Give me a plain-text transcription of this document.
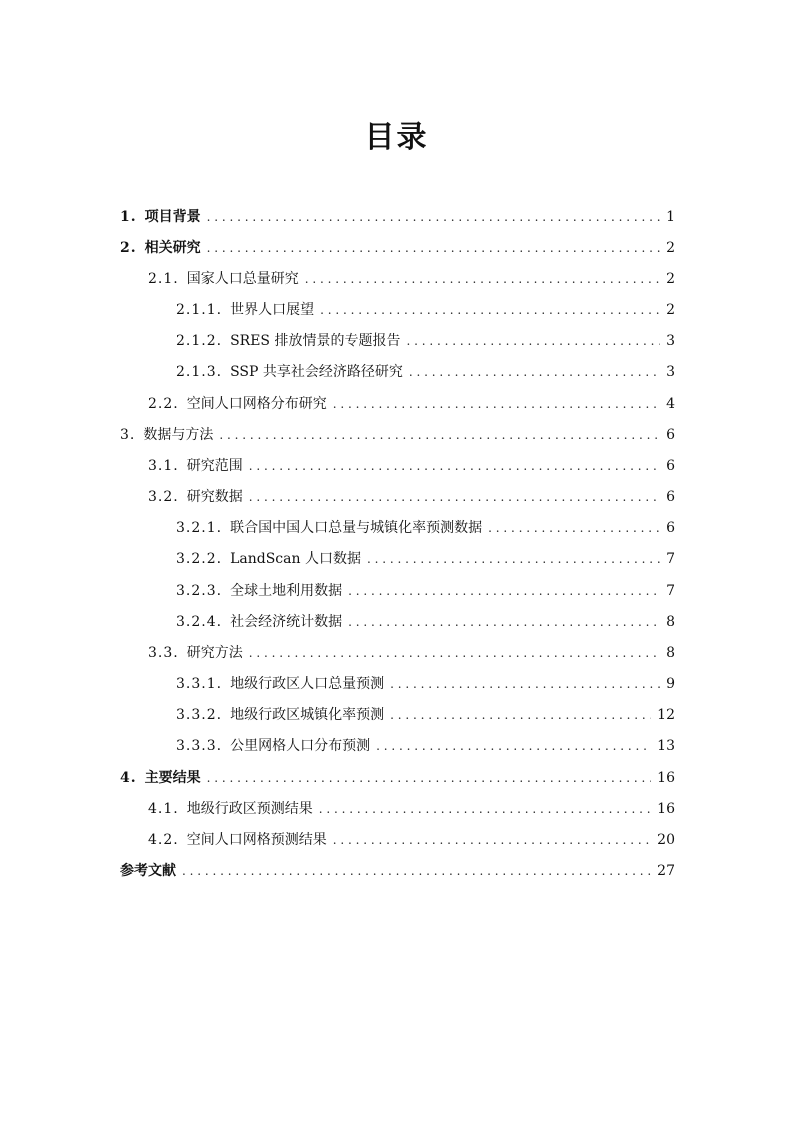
目录
1. 项目背景 . . .	1
2. 相关研究 . . .	2
2.1. 国家人口总量研究 . . .	2
2.1.1. 世界人口展望 . . .	2
2.1.2. SRES 排放情景的专题报告 . . .	3
2.1.3. SSP 共享社会经济路径研究 . . .	3
2.2. 空间人口网格分布研究 . . .	4
3. 数据与方法 . . .	6
3.1. 研究范围 . . .	6
3.2. 研究数据 . . .	6
3.2.1. 联合国中国人口总量与城镇化率预测数据 . . .	6
3.2.2. LandScan 人口数据 . . .	7
3.2.3. 全球土地利用数据 . . .	7
3.2.4. 社会经济统计数据 . . .	8
3.3. 研究方法 . . .	8
3.3.1. 地级行政区人口总量预测 . . .	9
3.3.2. 地级行政区城镇化率预测 . . .	12
3.3.3. 公里网格人口分布预测 . . .	13
4. 主要结果 . . .	16
4.1. 地级行政区预测结果 . . .	16
4.2. 空间人口网格预测结果 . . .	20
参考文献 . . .	27
